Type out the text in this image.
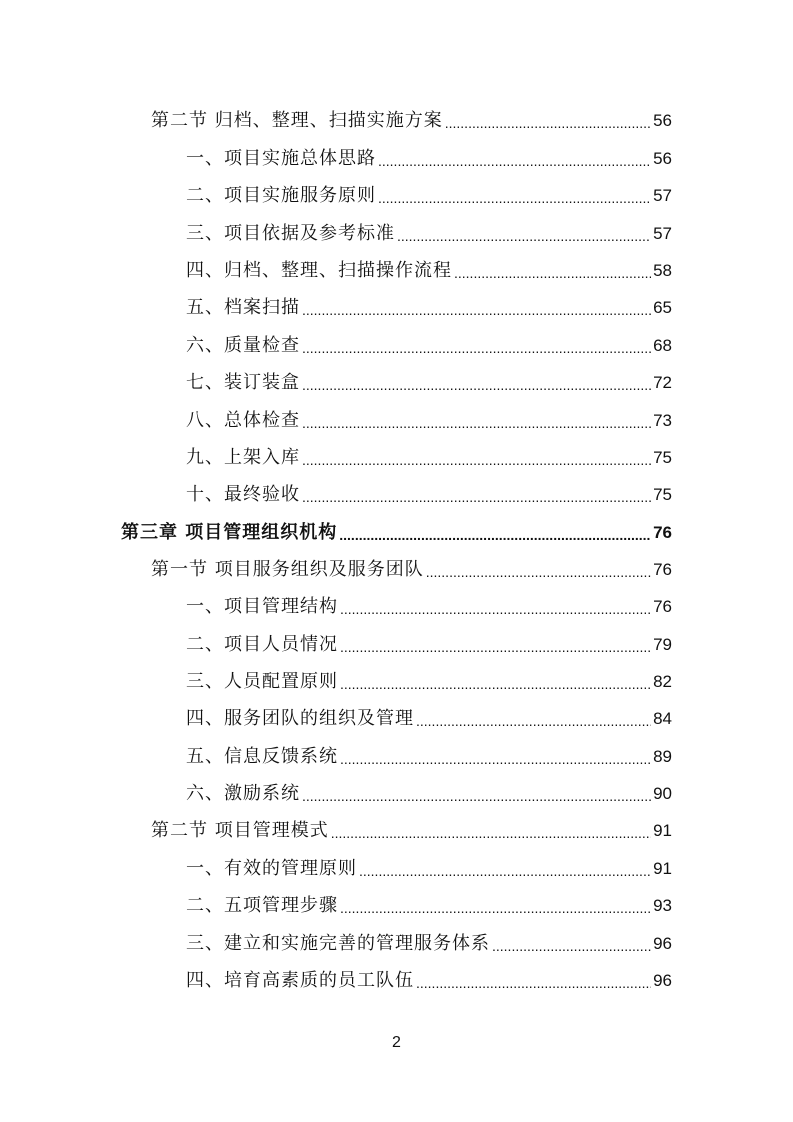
第二节 归档、整理、扫描实施方案 .....	56
一、项目实施总体思路 .....	56
二、项目实施服务原则 .....	57
三、项目依据及参考标准 .....	57
四、归档、整理、扫描操作流程 .....	58
五、档案扫描 .....	65
六、质量检查 .....	68
七、装订装盒 .....	72
八、总体检查 .....	73
九、上架入库 .....	75
十、最终验收 .....	75
第三章 项目管理组织机构 .....	76
第一节 项目服务组织及服务团队 .....	76
一、项目管理结构 .....	76
二、项目人员情况 .....	79
三、人员配置原则 .....	82
四、服务团队的组织及管理 .....	84
五、信息反馈系统 .....	89
六、激励系统 .....	90
第二节 项目管理模式 .....	91
一、有效的管理原则 .....	91
二、五项管理步骤 .....	93
三、建立和实施完善的管理服务体系 .....	96
四、培育高素质的员工队伍 .....	96
2
